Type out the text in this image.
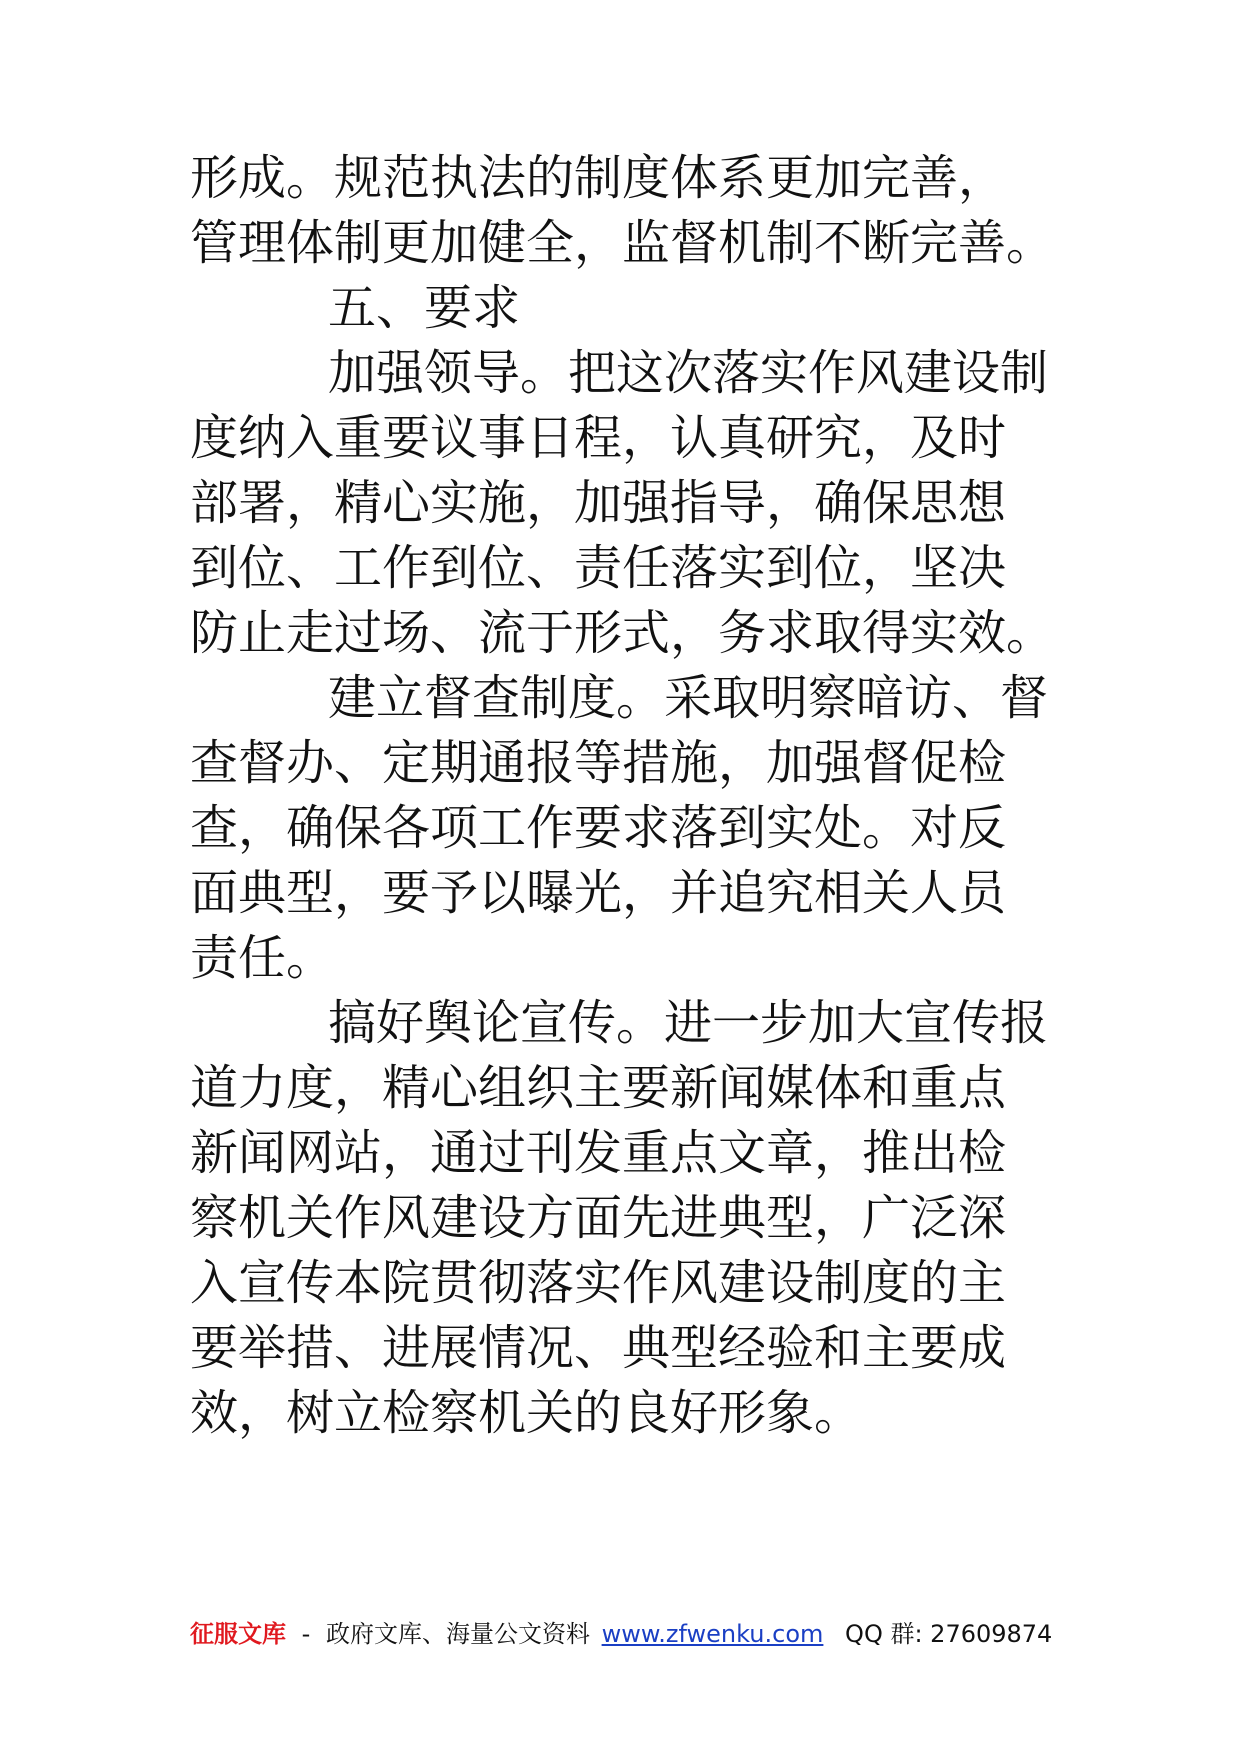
形成。规范执法的制度体系更加完善，
管理体制更加健全，监督机制不断完善。
五、要求
加强领导。把这次落实作风建设制
度纳入重要议事日程，认真研究，及时
部署，精心实施，加强指导，确保思想
到位、工作到位、责任落实到位，坚决
防止走过场、流于形式，务求取得实效。
建立督查制度。采取明察暗访、督
查督办、定期通报等措施，加强督促检
查，确保各项工作要求落到实处。对反
面典型，要予以曝光，并追究相关人员
责任。
搞好舆论宣传。进一步加大宣传报
道力度，精心组织主要新闻媒体和重点
新闻网站，通过刊发重点文章，推出检
察机关作风建设方面先进典型，广泛深
入宣传本院贯彻落实作风建设制度的主
要举措、进展情况、典型经验和主要成
效，树立检察机关的良好形象。
征服文库 - 政府文库、海量公文资料 www.zfwenku.com QQ 群: 27609874
